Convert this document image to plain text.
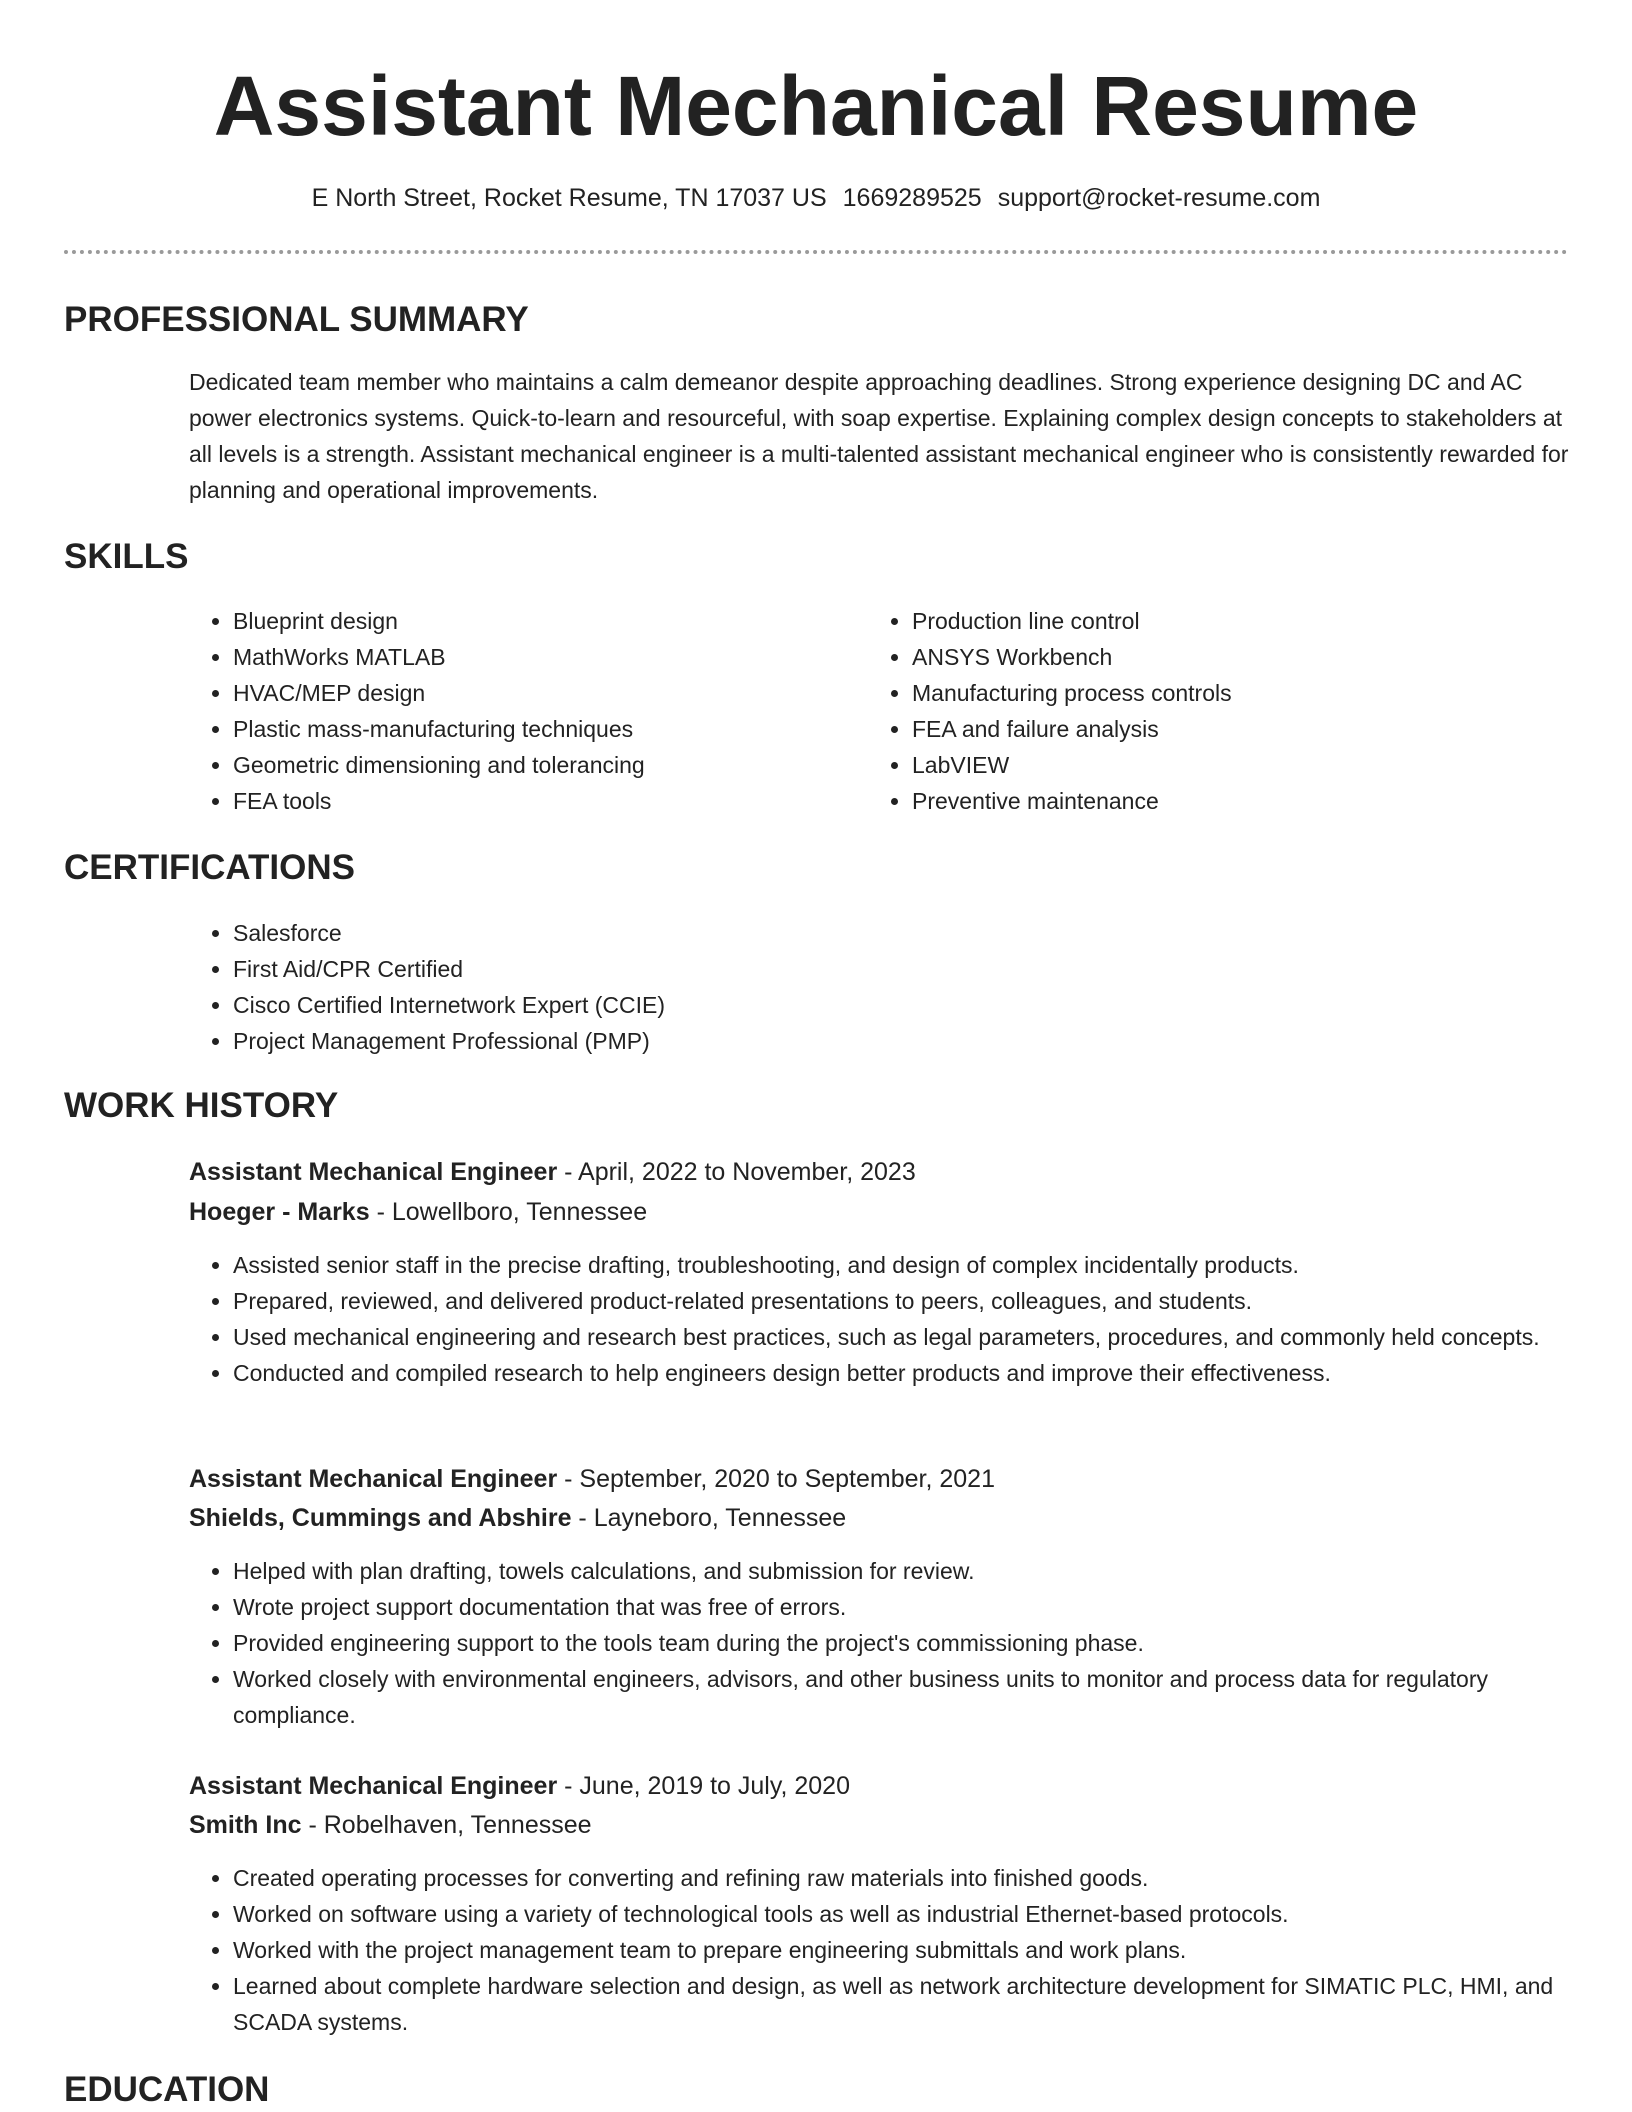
Assistant Mechanical Resume
E North Street, Rocket Resume, TN 17037 US 1669289525 support@rocket-resume.com
PROFESSIONAL SUMMARY
Dedicated team member who maintains a calm demeanor despite approaching deadlines. Strong experience designing DC and AC power electronics systems. Quick-to-learn and resourceful, with soap expertise. Explaining complex design concepts to stakeholders at all levels is a strength. Assistant mechanical engineer is a multi-talented assistant mechanical engineer who is consistently rewarded for planning and operational improvements.
SKILLS
• Blueprint design
• MathWorks MATLAB
• HVAC/MEP design
• Plastic mass-manufacturing techniques
• Geometric dimensioning and tolerancing
• FEA tools
• Production line control
• ANSYS Workbench
• Manufacturing process controls
• FEA and failure analysis
• LabVIEW
• Preventive maintenance
CERTIFICATIONS
• Salesforce
• First Aid/CPR Certified
• Cisco Certified Internetwork Expert (CCIE)
• Project Management Professional (PMP)
WORK HISTORY
Assistant Mechanical Engineer - April, 2022 to November, 2023
Hoeger - Marks - Lowellboro, Tennessee
• Assisted senior staff in the precise drafting, troubleshooting, and design of complex incidentally products.
• Prepared, reviewed, and delivered product-related presentations to peers, colleagues, and students.
• Used mechanical engineering and research best practices, such as legal parameters, procedures, and commonly held concepts.
• Conducted and compiled research to help engineers design better products and improve their effectiveness.
Assistant Mechanical Engineer - September, 2020 to September, 2021
Shields, Cummings and Abshire - Layneboro, Tennessee
• Helped with plan drafting, towels calculations, and submission for review.
• Wrote project support documentation that was free of errors.
• Provided engineering support to the tools team during the project's commissioning phase.
• Worked closely with environmental engineers, advisors, and other business units to monitor and process data for regulatory compliance.
Assistant Mechanical Engineer - June, 2019 to July, 2020
Smith Inc - Robelhaven, Tennessee
• Created operating processes for converting and refining raw materials into finished goods.
• Worked on software using a variety of technological tools as well as industrial Ethernet-based protocols.
• Worked with the project management team to prepare engineering submittals and work plans.
• Learned about complete hardware selection and design, as well as network architecture development for SIMATIC PLC, HMI, and SCADA systems.
EDUCATION
